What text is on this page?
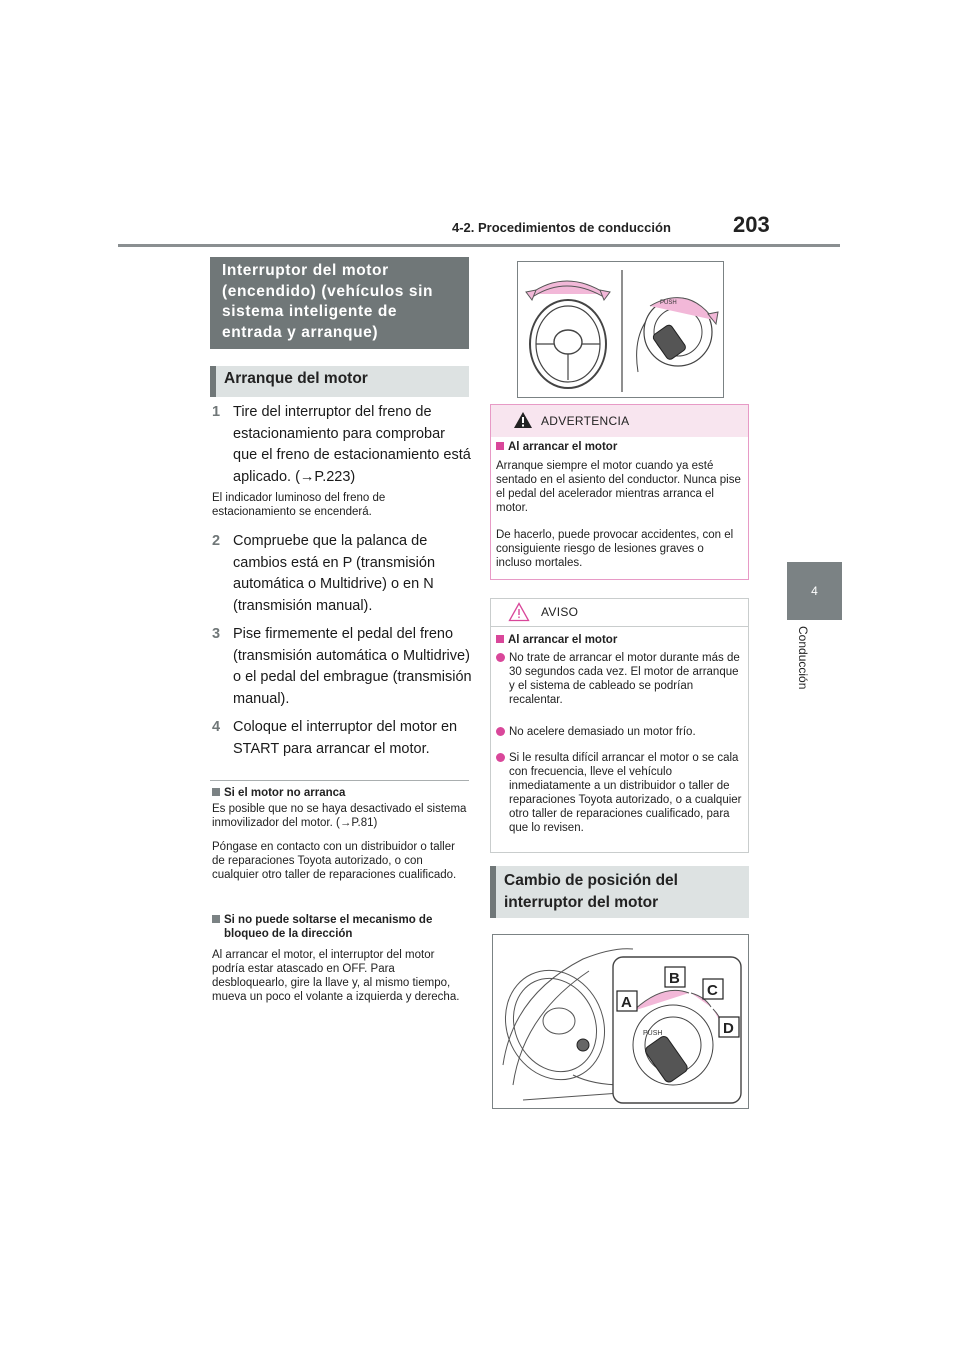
4-2. Procedimientos de conducción	203
4
Conducción
Interruptor del motor (encendido) (vehículos sin sistema inteligente de entrada y arranque)
Arranque del motor
1 Tire del interruptor del freno de estacionamiento para comprobar que el freno de estacionamiento está aplicado. (→P.223)
El indicador luminoso del freno de estacionamiento se encenderá.
2 Compruebe que la palanca de cambios está en P (transmisión automática o Multidrive) o en N (transmisión manual).
3 Pise firmemente el pedal del freno (transmisión automática o Multidrive) o el pedal del embrague (transmisión manual).
4 Coloque el interruptor del motor en START para arrancar el motor.
Si el motor no arranca
Es posible que no se haya desactivado el sistema inmovilizador del motor. (→P.81)
Póngase en contacto con un distribuidor o taller de reparaciones Toyota autorizado, o con cualquier otro taller de reparaciones cualificado.
Si no puede soltarse el mecanismo de bloqueo de la dirección
Al arrancar el motor, el interruptor del motor podría estar atascado en OFF. Para desbloquearlo, gire la llave y, al mismo tiempo, mueva un poco el volante a izquierda y derecha.
PUSH
ADVERTENCIA
Al arrancar el motor
Arranque siempre el motor cuando ya esté sentado en el asiento del conductor. Nunca pise el pedal del acelerador mientras arranca el motor.
De hacerlo, puede provocar accidentes, con el consiguiente riesgo de lesiones graves o incluso mortales.
AVISO
Al arrancar el motor
No trate de arrancar el motor durante más de 30 segundos cada vez. El motor de arranque y el sistema de cableado se podrían recalentar.
No acelere demasiado un motor frío.
Si le resulta difícil arrancar el motor o se cala con frecuencia, lleve el vehículo inmediatamente a un distribuidor o taller de reparaciones Toyota autorizado, o a cualquier otro taller de reparaciones cualificado, para que lo revisen.
Cambio de posición del interruptor del motor
PUSH
A
B
C
D
